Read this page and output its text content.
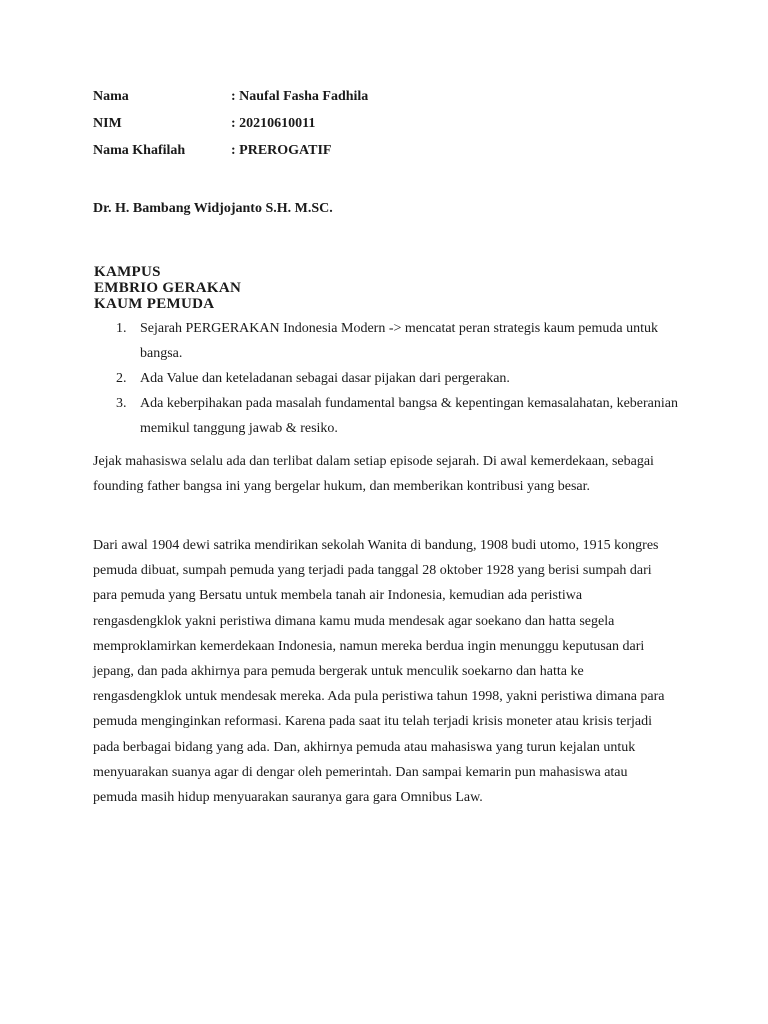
Nama	: Naufal Fasha Fadhila
NIM	: 20210610011
Nama Khafilah	: PREROGATIF
Dr. H. Bambang Widjojanto S.H. M.SC.
KAMPUS
EMBRIO GERAKAN
KAUM PEMUDA
1. Sejarah PERGERAKAN Indonesia Modern -> mencatat peran strategis kaum pemuda untuk bangsa.
2. Ada Value dan keteladanan sebagai dasar pijakan dari pergerakan.
3. Ada keberpihakan pada masalah fundamental bangsa & kepentingan kemasalahatan, keberanian memikul tanggung jawab & resiko.

Jejak mahasiswa selalu ada dan terlibat dalam setiap episode sejarah. Di awal kemerdekaan, sebagai founding father bangsa ini yang bergelar hukum, dan memberikan kontribusi yang besar.

Dari awal 1904 dewi satrika mendirikan sekolah Wanita di bandung, 1908 budi utomo, 1915 kongres pemuda dibuat, sumpah pemuda yang terjadi pada tanggal 28 oktober 1928 yang berisi sumpah dari para pemuda yang Bersatu untuk membela tanah air Indonesia, kemudian ada peristiwa rengasdengklok yakni peristiwa dimana kamu muda mendesak agar soekano dan hatta segela memproklamirkan kemerdekaan Indonesia, namun mereka berdua ingin menunggu keputusan dari jepang, dan pada akhirnya para pemuda bergerak untuk menculik soekarno dan hatta ke rengasdengklok untuk mendesak mereka. Ada pula peristiwa tahun 1998, yakni peristiwa dimana para pemuda menginginkan reformasi. Karena pada saat itu telah terjadi krisis moneter atau krisis terjadi pada berbagai bidang yang ada. Dan, akhirnya pemuda atau mahasiswa yang turun kejalan untuk menyuarakan suanya agar di dengar oleh pemerintah. Dan sampai kemarin pun mahasiswa atau pemuda masih hidup menyuarakan sauranya gara gara Omnibus Law.
